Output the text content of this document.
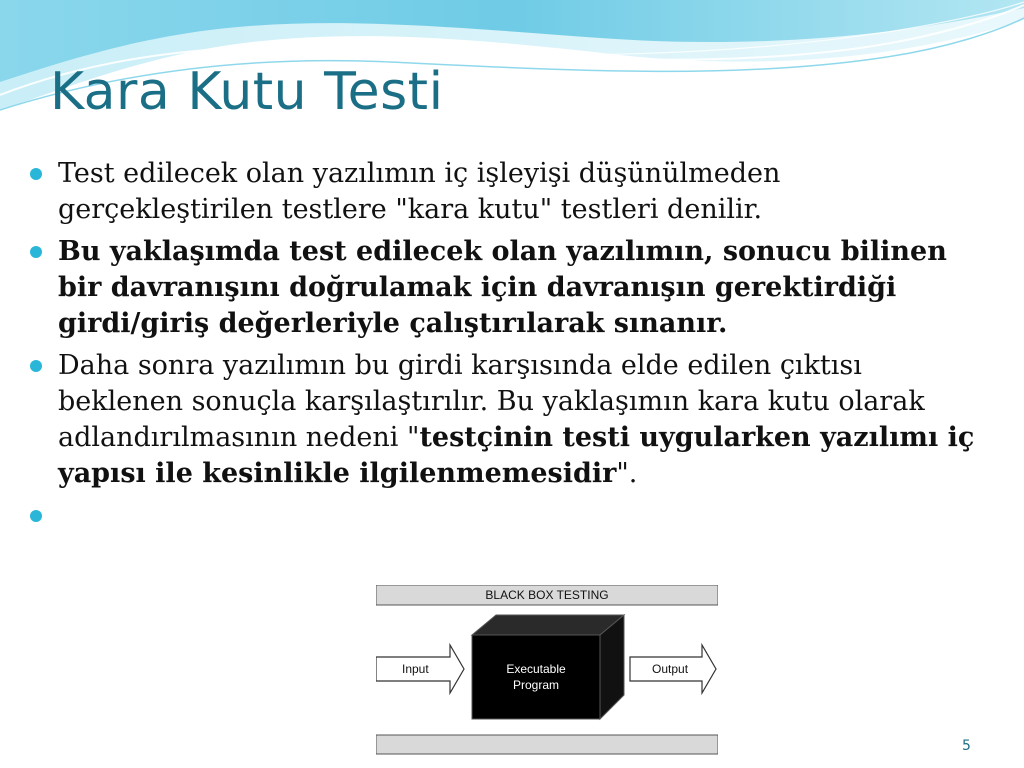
Kara Kutu Testi
Test edilecek olan yazılımın iç işleyişi düşünülmeden gerçekleştirilen testlere "kara kutu" testleri denilir.
Bu yaklaşımda test edilecek olan yazılımın, sonucu bilinen bir davranışını doğrulamak için davranışın gerektirdiği girdi/giriş değerleriyle çalıştırılarak sınanır.
Daha sonra yazılımın bu girdi karşısında elde edilen çıktısı beklenen sonuçla karşılaştırılır. Bu yaklaşımın kara kutu olarak adlandırılmasının nedeni "testçinin testi uygularken yazılımı iç yapısı ile kesinlikle ilgilenmemesidir".
BLACK BOX TESTING
Input	Executable
Program
Output
5
